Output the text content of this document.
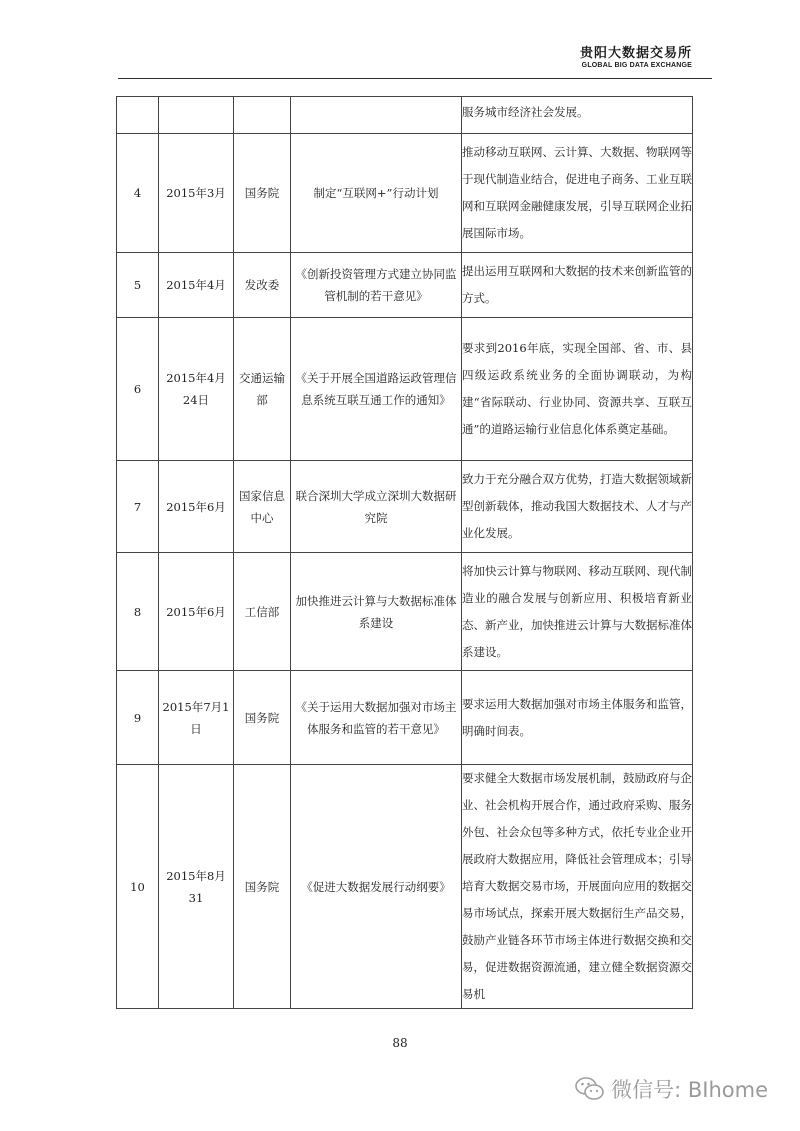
贵阳大数据交易所
GLOBAL BIG DATA EXCHANGE
				服务城市经济社会发展。
4	2015年3月	国务院	制定“互联网+”行动计划	推动移动互联网、云计算、大数据、物联网等于现代制造业结合，促进电子商务、工业互联网和互联网金融健康发展，引导互联网企业拓展国际市场。
5	2015年4月	发改委	《创新投资管理方式建立协同监管机制的若干意见》	提出运用互联网和大数据的技术来创新监管的方式。
6	2015年4月24日	交通运输部	《关于开展全国道路运政管理信息系统互联互通工作的通知》	要求到2016年底，实现全国部、省、市、县四级运政系统业务的全面协调联动，为构建“省际联动、行业协同、资源共享、互联互通”的道路运输行业信息化体系奠定基础。
7	2015年6月	国家信息中心	联合深圳大学成立深圳大数据研究院	致力于充分融合双方优势，打造大数据领域新型创新载体，推动我国大数据技术、人才与产业化发展。
8	2015年6月	工信部	加快推进云计算与大数据标准体系建设	将加快云计算与物联网、移动互联网、现代制造业的融合发展与创新应用、积极培育新业态、新产业，加快推进云计算与大数据标准体系建设。
9	2015年7月1日	国务院	《关于运用大数据加强对市场主体服务和监管的若干意见》	要求运用大数据加强对市场主体服务和监管，明确时间表。
10	2015年8月31	国务院	《促进大数据发展行动纲要》	要求健全大数据市场发展机制，鼓励政府与企业、社会机构开展合作，通过政府采购、服务外包、社会众包等多种方式，依托专业企业开展政府大数据应用，降低社会管理成本；引导培育大数据交易市场，开展面向应用的数据交易市场试点，探索开展大数据衍生产品交易，鼓励产业链各环节市场主体进行数据交换和交易，促进数据资源流通，建立健全数据资源交易机
88
微信号: BIhome
